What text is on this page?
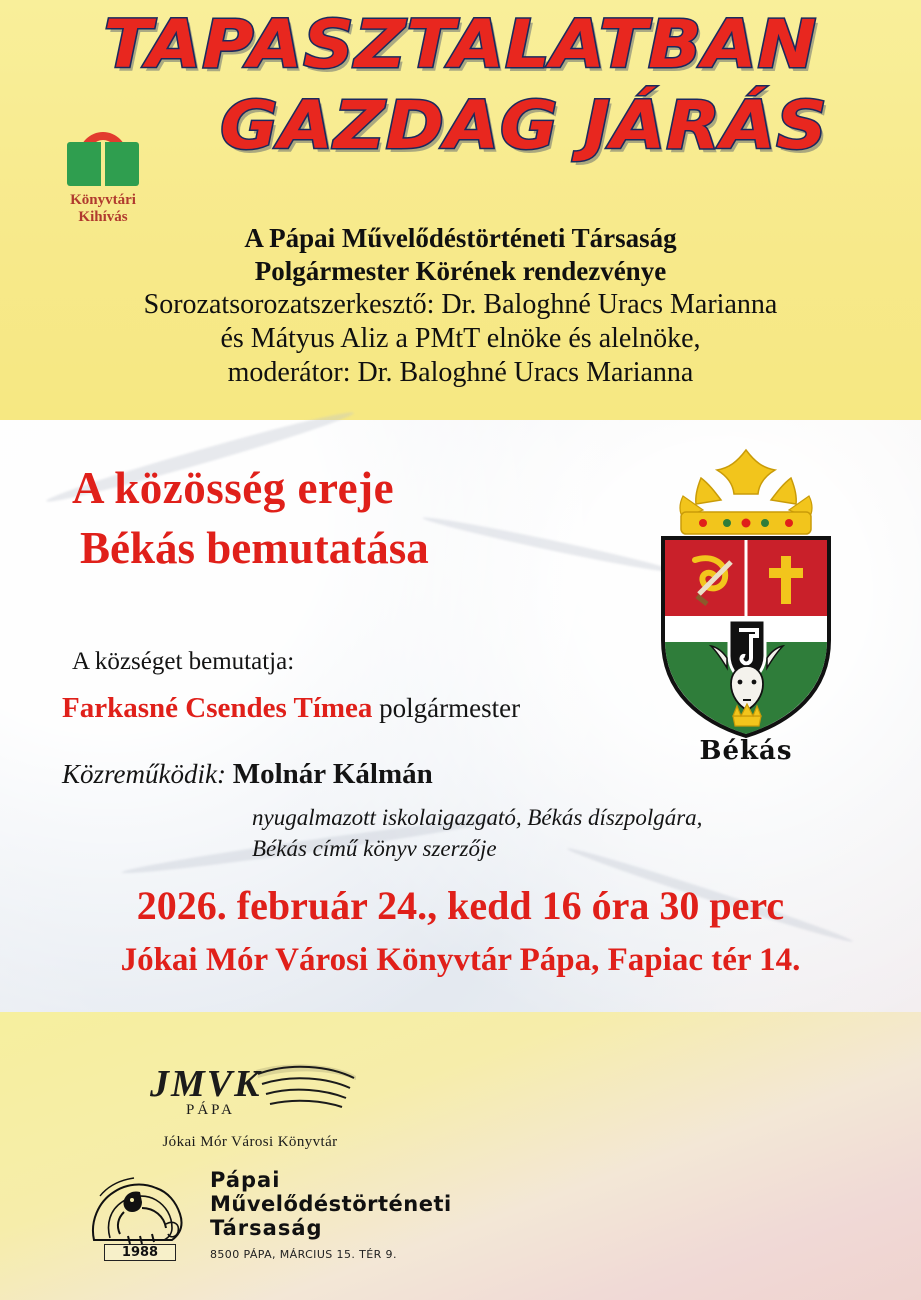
TAPASZTALATBAN
GAZDAG JÁRÁS
Könyvtári
Kihívás
A Pápai Művelődéstörténeti Társaság
Polgármester Körének rendezvénye
Sorozatsorozatszerkesztő: Dr. Baloghné Uracs Marianna
és Mátyus Aliz a PMtT elnöke és alelnöke,
moderátor: Dr. Baloghné Uracs Marianna
A közösség ereje
Békás bemutatása
A községet bemutatja:
Farkasné Csendes Tímea polgármester
Közreműködik: Molnár Kálmán
nyugalmazott iskolaigazgató, Békás díszpolgára,
Békás című könyv szerzője
2026. február 24., kedd 16 óra 30 perc
Jókai Mór Városi Könyvtár Pápa, Fapiac tér 14.
Békás
JMVK
PÁPA
Jókai Mór Városi Könyvtár
1988
Pápai
Művelődéstörténeti
Társaság
8500 PÁPA, MÁRCIUS 15. TÉR 9.
